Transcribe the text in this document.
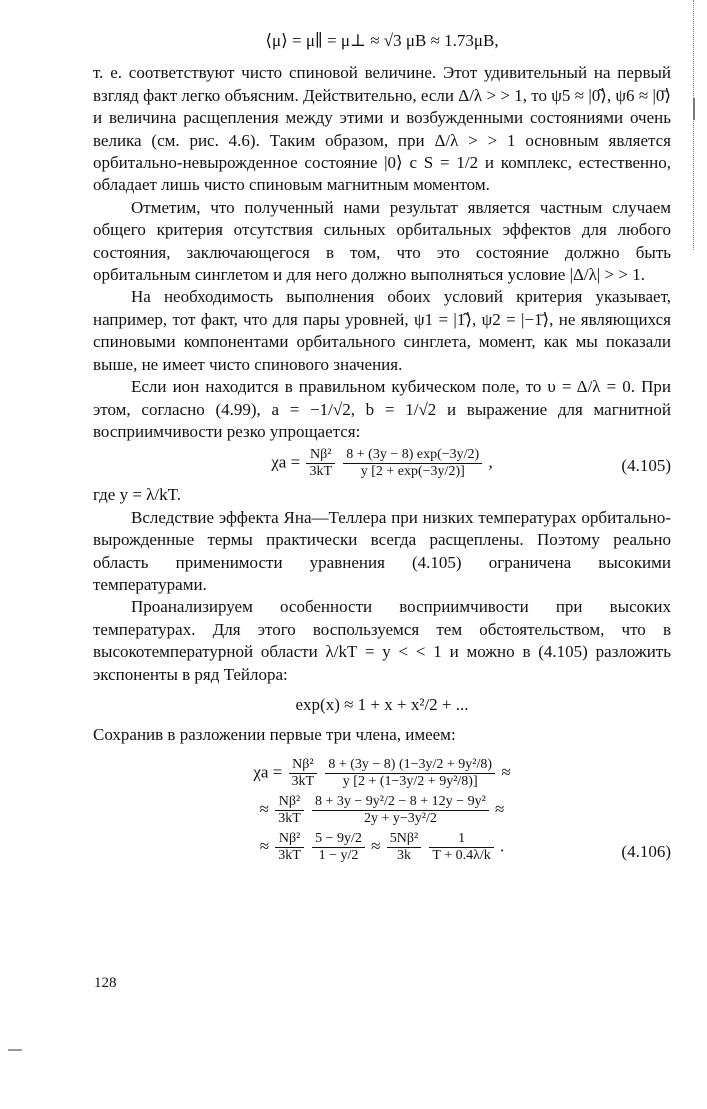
⟨μ⟩ = μ∥ = μ⊥ ≈ √3 μB ≈ 1.73μB,

т. е. соответствуют чисто спиновой величине. Этот удивительный на первый взгляд факт легко объясним. Действительно, если Δ/λ > > 1, то ψ5 ≈ |0̂⟩, ψ6 ≈ |0̄⟩ и величина расщепления между этими и возбужденными состояниями очень велика (см. рис. 4.6). Таким образом, при Δ/λ > > 1 основным является орбитально-невырожденное состояние |0⟩ с S = 1/2 и комплекс, естественно, обладает лишь чисто спиновым магнитным моментом.

Отметим, что полученный нами результат является частным случаем общего критерия отсутствия сильных орбитальных эффектов для любого состояния, заключающегося в том, что это состояние должно быть орбитальным синглетом и для него должно выполняться условие |Δ/λ| > > 1.

На необходимость выполнения обоих условий критерия указывает, например, тот факт, что для пары уровней, ψ1 = |1̂⟩, ψ2 = |−1̄⟩, не являющихся спиновыми компонентами орбитального синглета, момент, как мы показали выше, не имеет чисто спинового значения.

Если ион находится в правильном кубическом поле, то υ = Δ/λ = 0. При этом, согласно (4.99), a = −1/√2, b = 1/√2 и выражение для магнитной восприимчивости резко упрощается:

$\chi a = \frac{\text{Nβ²}}{3kT}$
$\frac{8 + (3y - 8) \exp(-3y/2)}{y [2 + \exp(-3y/2)]}$ ,	(4.105)

где y = λ/kT.

Вследствие эффекта Яна—Теллера при низких температурах орбитально-вырожденные термы практически всегда расщеплены. Поэтому реально область применимости уравнения (4.105) ограничена высокими температурами.

Проанализируем особенности восприимчивости при высоких температурах. Для этого воспользуемся тем обстоятельством, что в высокотемпературной области λ/kT = y < < 1 и можно в (4.105) разложить экспоненты в ряд Тейлора:

exp(x) ≈ 1 + x + x²/2 + ...

Сохранив в разложении первые три члена, имеем:

$\chi a = \frac{\text{Nβ²}}{3kT}$
$\frac{\text{8 + (3y − 8) (1−3y/2 + 9y²/8)}}{\text{y [2 + (1−3y/2 + 9y²/8)]}}$ ≈
≈ $\frac{\text{Nβ²}}{3kT}$
$\frac{\text{8 + 3y − 9y²/2 − 8 + 12y − 9y²}}{\text{2y + y−3y²/2}}$ ≈
≈ $\frac{\text{Nβ²}}{3kT}$
$\frac{5 - 9y/2}{1 - y/2} \approx \frac{\text{5Nβ²}}{3k}$
$\frac{1}{T + 0.4\lambda/k}$ .	(4.106)
128
